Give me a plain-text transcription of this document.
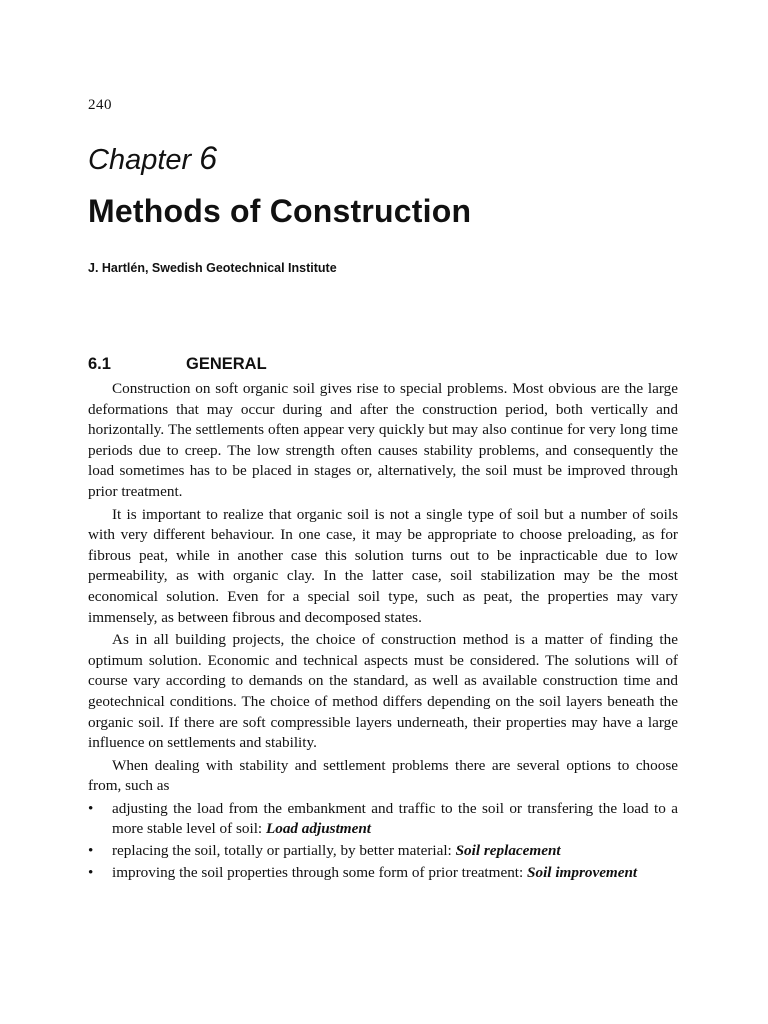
240
Chapter 6
Methods of Construction
J. Hartlén, Swedish Geotechnical Institute
6.1	GENERAL

Construction on soft organic soil gives rise to special problems. Most obvious are the large deformations that may occur during and after the construction period, both vertically and horizontally. The settlements often appear very quickly but may also continue for very long time periods due to creep. The low strength often causes stability problems, and consequently the load sometimes has to be placed in stages or, alternatively, the soil must be improved through prior treatment.

It is important to realize that organic soil is not a single type of soil but a number of soils with very different behaviour. In one case, it may be appropriate to choose preloading, as for fibrous peat, while in another case this solution turns out to be inpracticable due to low permeability, as with organic clay. In the latter case, soil stabilization may be the most economical solution. Even for a special soil type, such as peat, the properties may vary immensely, as between fibrous and decomposed states.

As in all building projects, the choice of construction method is a matter of finding the optimum solution. Economic and technical aspects must be considered. The solutions will of course vary according to demands on the standard, as well as available construction time and geotechnical conditions. The choice of method differs depending on the soil layers beneath the organic soil. If there are soft compressible layers underneath, their properties may have a large influence on settlements and stability.

When dealing with stability and settlement problems there are several options to choose from, such as

• adjusting the load from the embankment and traffic to the soil or transfering the load to a more stable level of soil: Load adjustment
• replacing the soil, totally or partially, by better material: Soil replacement
• improving the soil properties through some form of prior treatment: Soil improvement
